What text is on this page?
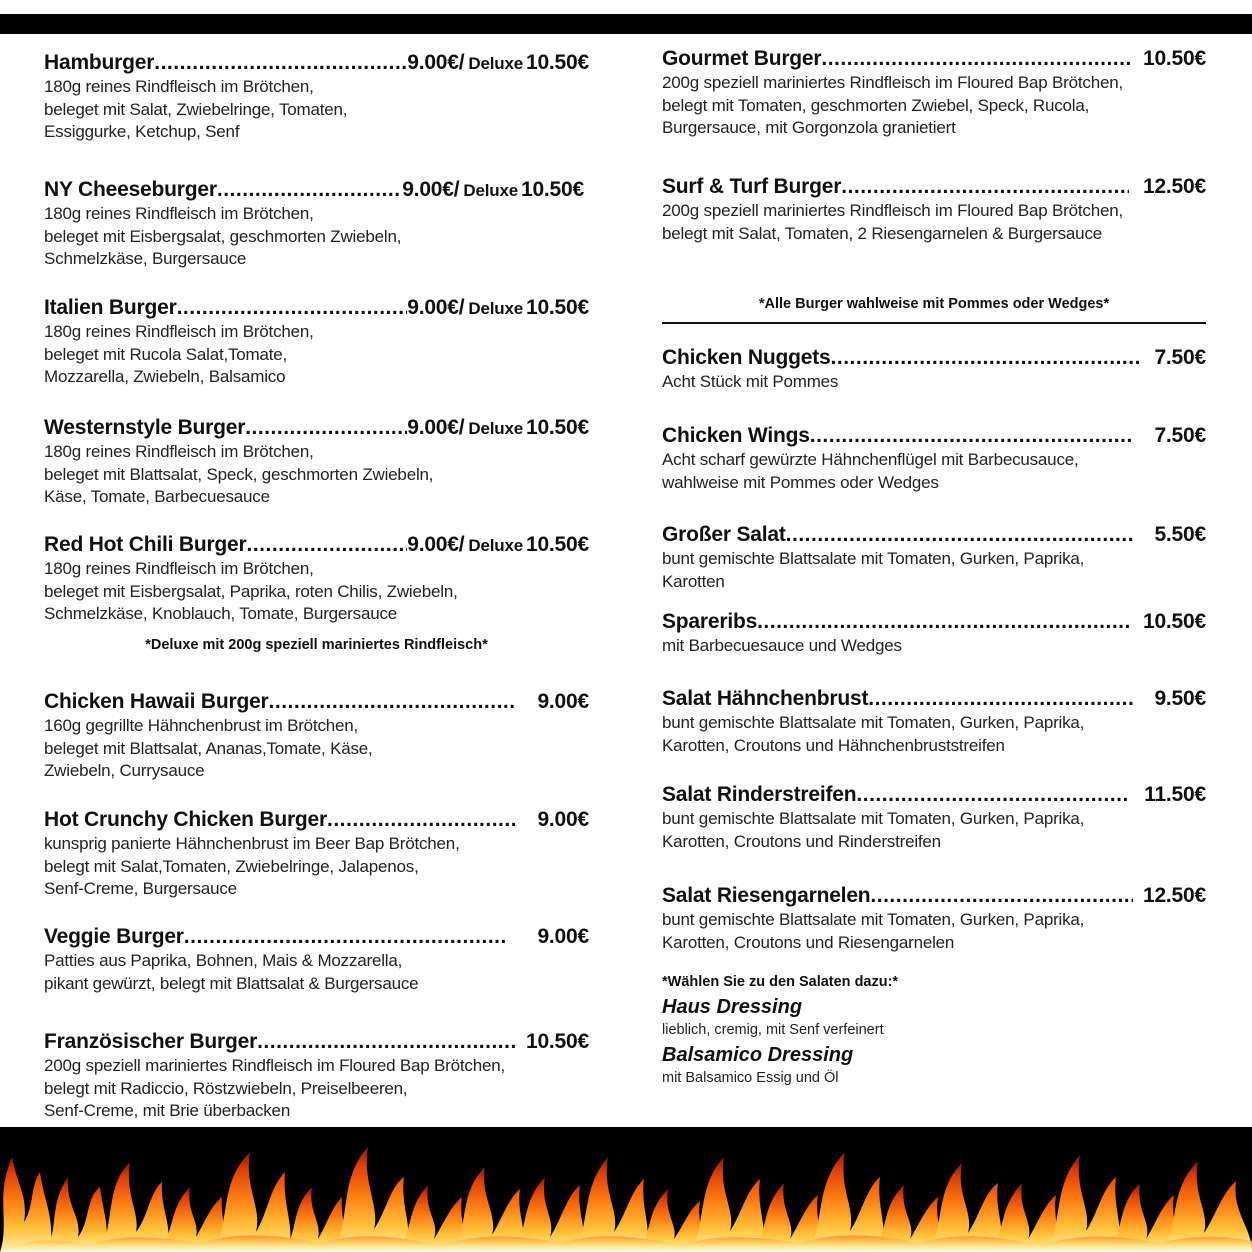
Hamburger .....	9.00€/ Deluxe 10.50€
180g reines Rindfleisch im Brötchen,
beleget mit Salat, Zwiebelringe, Tomaten,
Essiggurke, Ketchup, Senf
NY Cheeseburger .....	9.00€/ Deluxe 10.50€
180g reines Rindfleisch im Brötchen,
beleget mit Eisbergsalat, geschmorten Zwiebeln,
Schmelzkäse, Burgersauce
Italien Burger .....	9.00€/ Deluxe 10.50€
180g reines Rindfleisch im Brötchen,
beleget mit Rucola Salat,Tomate,
Mozzarella, Zwiebeln, Balsamico
Westernstyle Burger .....	9.00€/ Deluxe 10.50€
180g reines Rindfleisch im Brötchen,
beleget mit Blattsalat, Speck, geschmorten Zwiebeln,
Käse, Tomate, Barbecuesauce
Red Hot Chili Burger .....	9.00€/ Deluxe 10.50€
180g reines Rindfleisch im Brötchen,
beleget mit Eisbergsalat, Paprika, roten Chilis, Zwiebeln,
Schmelzkäse, Knoblauch, Tomate, Burgersauce
*Deluxe mit 200g speziell mariniertes Rindfleisch*
Chicken Hawaii Burger .....	9.00€
160g gegrillte Hähnchenbrust im Brötchen,
beleget mit Blattsalat, Ananas,Tomate, Käse,
Zwiebeln, Currysauce
Hot Crunchy Chicken Burger .....	9.00€
kunsprig panierte Hähnchenbrust im Beer Bap Brötchen,
belegt mit Salat,Tomaten, Zwiebelringe, Jalapenos,
Senf-Creme, Burgersauce
Veggie Burger .....	9.00€
Patties aus Paprika, Bohnen, Mais & Mozzarella,
pikant gewürzt, belegt mit Blattsalat & Burgersauce
Französischer Burger .....	10.50€
200g speziell mariniertes Rindfleisch im Floured Bap Brötchen,
belegt mit Radiccio, Röstzwiebeln, Preiselbeeren,
Senf-Creme, mit Brie überbacken
Gourmet Burger .....	10.50€
200g speziell mariniertes Rindfleisch im Floured Bap Brötchen,
belegt mit Tomaten, geschmorten Zwiebel, Speck, Rucola,
Burgersauce, mit Gorgonzola granietiert
Surf & Turf Burger .....	12.50€
200g speziell mariniertes Rindfleisch im Floured Bap Brötchen,
belegt mit Salat, Tomaten, 2 Riesengarnelen & Burgersauce
*Alle Burger wahlweise mit Pommes oder Wedges*
Chicken Nuggets .....	7.50€
Acht Stück mit Pommes
Chicken Wings .....	7.50€
Acht scharf gewürzte Hähnchenflügel mit Barbecusauce,
wahlweise mit Pommes oder Wedges
Großer Salat .....	5.50€
bunt gemischte Blattsalate mit Tomaten, Gurken, Paprika,
Karotten
Spareribs .....	10.50€
mit Barbecuesauce und Wedges
Salat Hähnchenbrust .....	9.50€
bunt gemischte Blattsalate mit Tomaten, Gurken, Paprika,
Karotten, Croutons und Hähnchenbruststreifen
Salat Rinderstreifen .....	11.50€
bunt gemischte Blattsalate mit Tomaten, Gurken, Paprika,
Karotten, Croutons und Rinderstreifen
Salat Riesengarnelen .....	12.50€
bunt gemischte Blattsalate mit Tomaten, Gurken, Paprika,
Karotten, Croutons und Riesengarnelen
*Wählen Sie zu den Salaten dazu:*
Haus Dressing
lieblich, cremig, mit Senf verfeinert
Balsamico Dressing
mit Balsamico Essig und Öl
